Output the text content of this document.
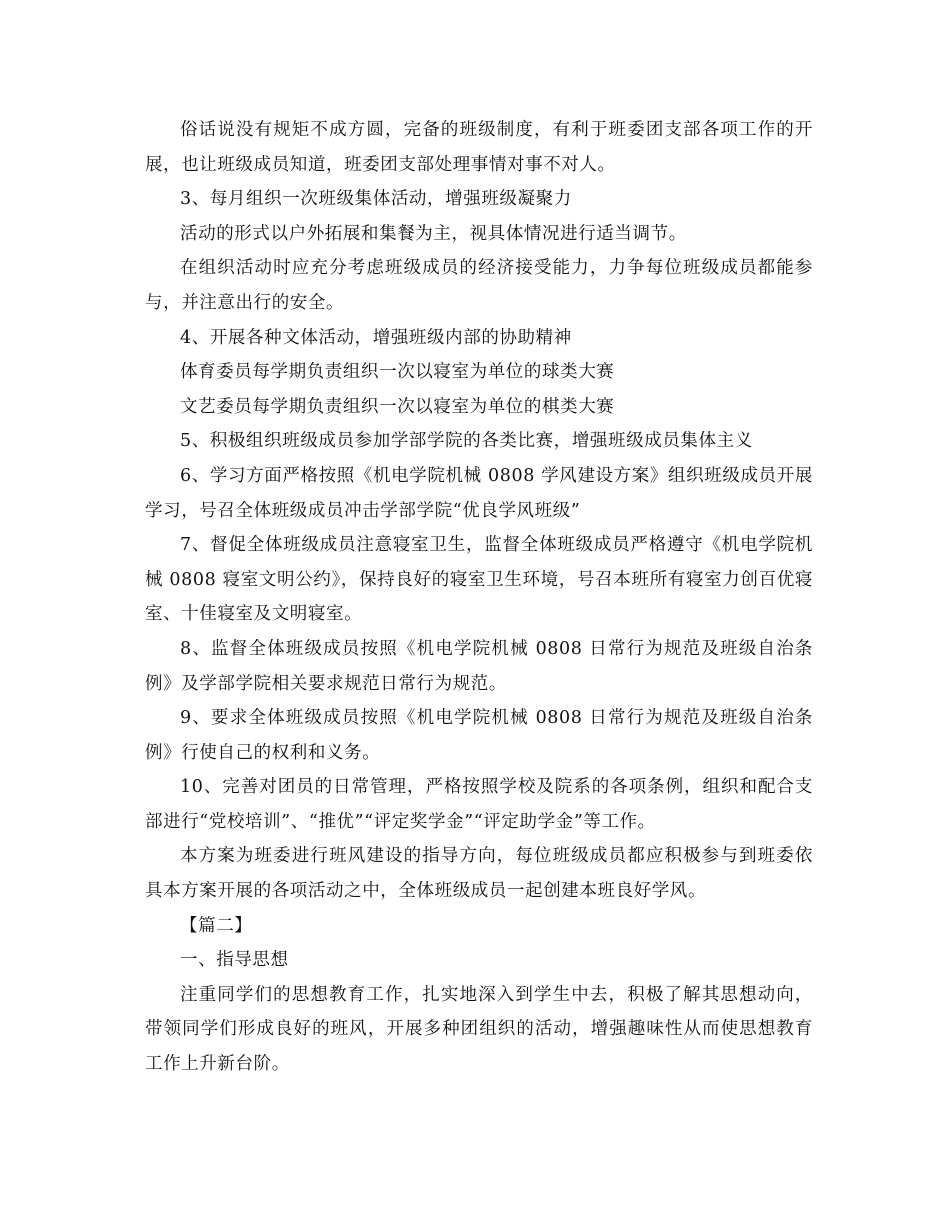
俗话说没有规矩不成方圆，完备的班级制度，有利于班委团支部各项工作的开展，也让班级成员知道，班委团支部处理事情对事不对人。

3、每月组织一次班级集体活动，增强班级凝聚力

活动的形式以户外拓展和集餐为主，视具体情况进行适当调节。

在组织活动时应充分考虑班级成员的经济接受能力，力争每位班级成员都能参与，并注意出行的安全。

4、开展各种文体活动，增强班级内部的协助精神

体育委员每学期负责组织一次以寝室为单位的球类大赛

文艺委员每学期负责组织一次以寝室为单位的棋类大赛

5、积极组织班级成员参加学部学院的各类比赛，增强班级成员集体主义

6、学习方面严格按照《机电学院机械 0808 学风建设方案》组织班级成员开展学习，号召全体班级成员冲击学部学院“优良学风班级”

7、督促全体班级成员注意寝室卫生，监督全体班级成员严格遵守《机电学院机械 0808 寝室文明公约》，保持良好的寝室卫生环境，号召本班所有寝室力创百优寝室、十佳寝室及文明寝室。

8、监督全体班级成员按照《机电学院机械 0808 日常行为规范及班级自治条例》及学部学院相关要求规范日常行为规范。

9、要求全体班级成员按照《机电学院机械 0808 日常行为规范及班级自治条例》行使自己的权利和义务。

10、完善对团员的日常管理，严格按照学校及院系的各项条例，组织和配合支部进行“党校培训”、“推优”“评定奖学金”“评定助学金”等工作。

本方案为班委进行班风建设的指导方向，每位班级成员都应积极参与到班委依具本方案开展的各项活动之中，全体班级成员一起创建本班良好学风。

【篇二】

一、指导思想

注重同学们的思想教育工作，扎实地深入到学生中去，积极了解其思想动向，带领同学们形成良好的班风，开展多种团组织的活动，增强趣味性从而使思想教育工作上升新台阶。
